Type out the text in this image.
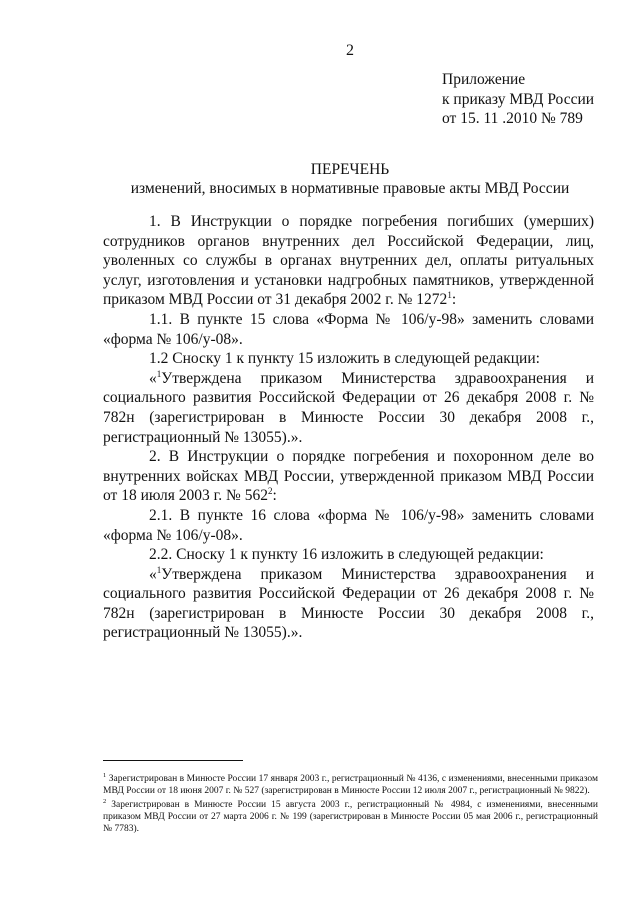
2
Приложение
к приказу МВД России
от 15. 11 .2010 № 789
ПЕРЕЧЕНЬ
изменений, вносимых в нормативные правовые акты МВД России

1. В Инструкции о порядке погребения погибших (умерших) сотрудников органов внутренних дел Российской Федерации, лиц, уволенных со службы в органах внутренних дел, оплаты ритуальных услуг, изготовления и установки надгробных памятников, утвержденной приказом МВД России от 31 декабря 2002 г. № 1272$^1$:

1.1. В пункте 15 слова «Форма № 106/у-98» заменить словами «форма № 106/у-08».

1.2 Сноску 1 к пункту 15 изложить в следующей редакции:

«$^1$Утверждена приказом Министерства здравоохранения и социального развития Российской Федерации от 26 декабря 2008 г. № 782н (зарегистрирован в Минюсте России 30 декабря 2008 г., регистрационный № 13055).».

2. В Инструкции о порядке погребения и похоронном деле во внутренних войсках МВД России, утвержденной приказом МВД России от 18 июля 2003 г. № $562^2$:

2.1. В пункте 16 слова «форма № 106/у-98» заменить словами «форма № 106/у-08».

2.2. Сноску 1 к пункту 16 изложить в следующей редакции:

«$^1$Утверждена приказом Министерства здравоохранения и социального развития Российской Федерации от 26 декабря 2008 г. № 782н (зарегистрирован в Минюсте России 30 декабря 2008 г., регистрационный № 13055).».

$^1$ Зарегистрирован в Минюсте России 17 января 2003 г., регистрационный № 4136, с изменениями, внесенными приказом МВД России от 18 июня 2007 г. № 527 (зарегистрирован в Минюсте России 12 июля 2007 г., регистрационный № 9822).

$^2$ Зарегистрирован в Минюсте России 15 августа 2003 г., регистрационный № 4984, с изменениями, внесенными приказом МВД России от 27 марта 2006 г. № 199 (зарегистрирован в Минюсте России 05 мая 2006 г., регистрационный № 7783).
